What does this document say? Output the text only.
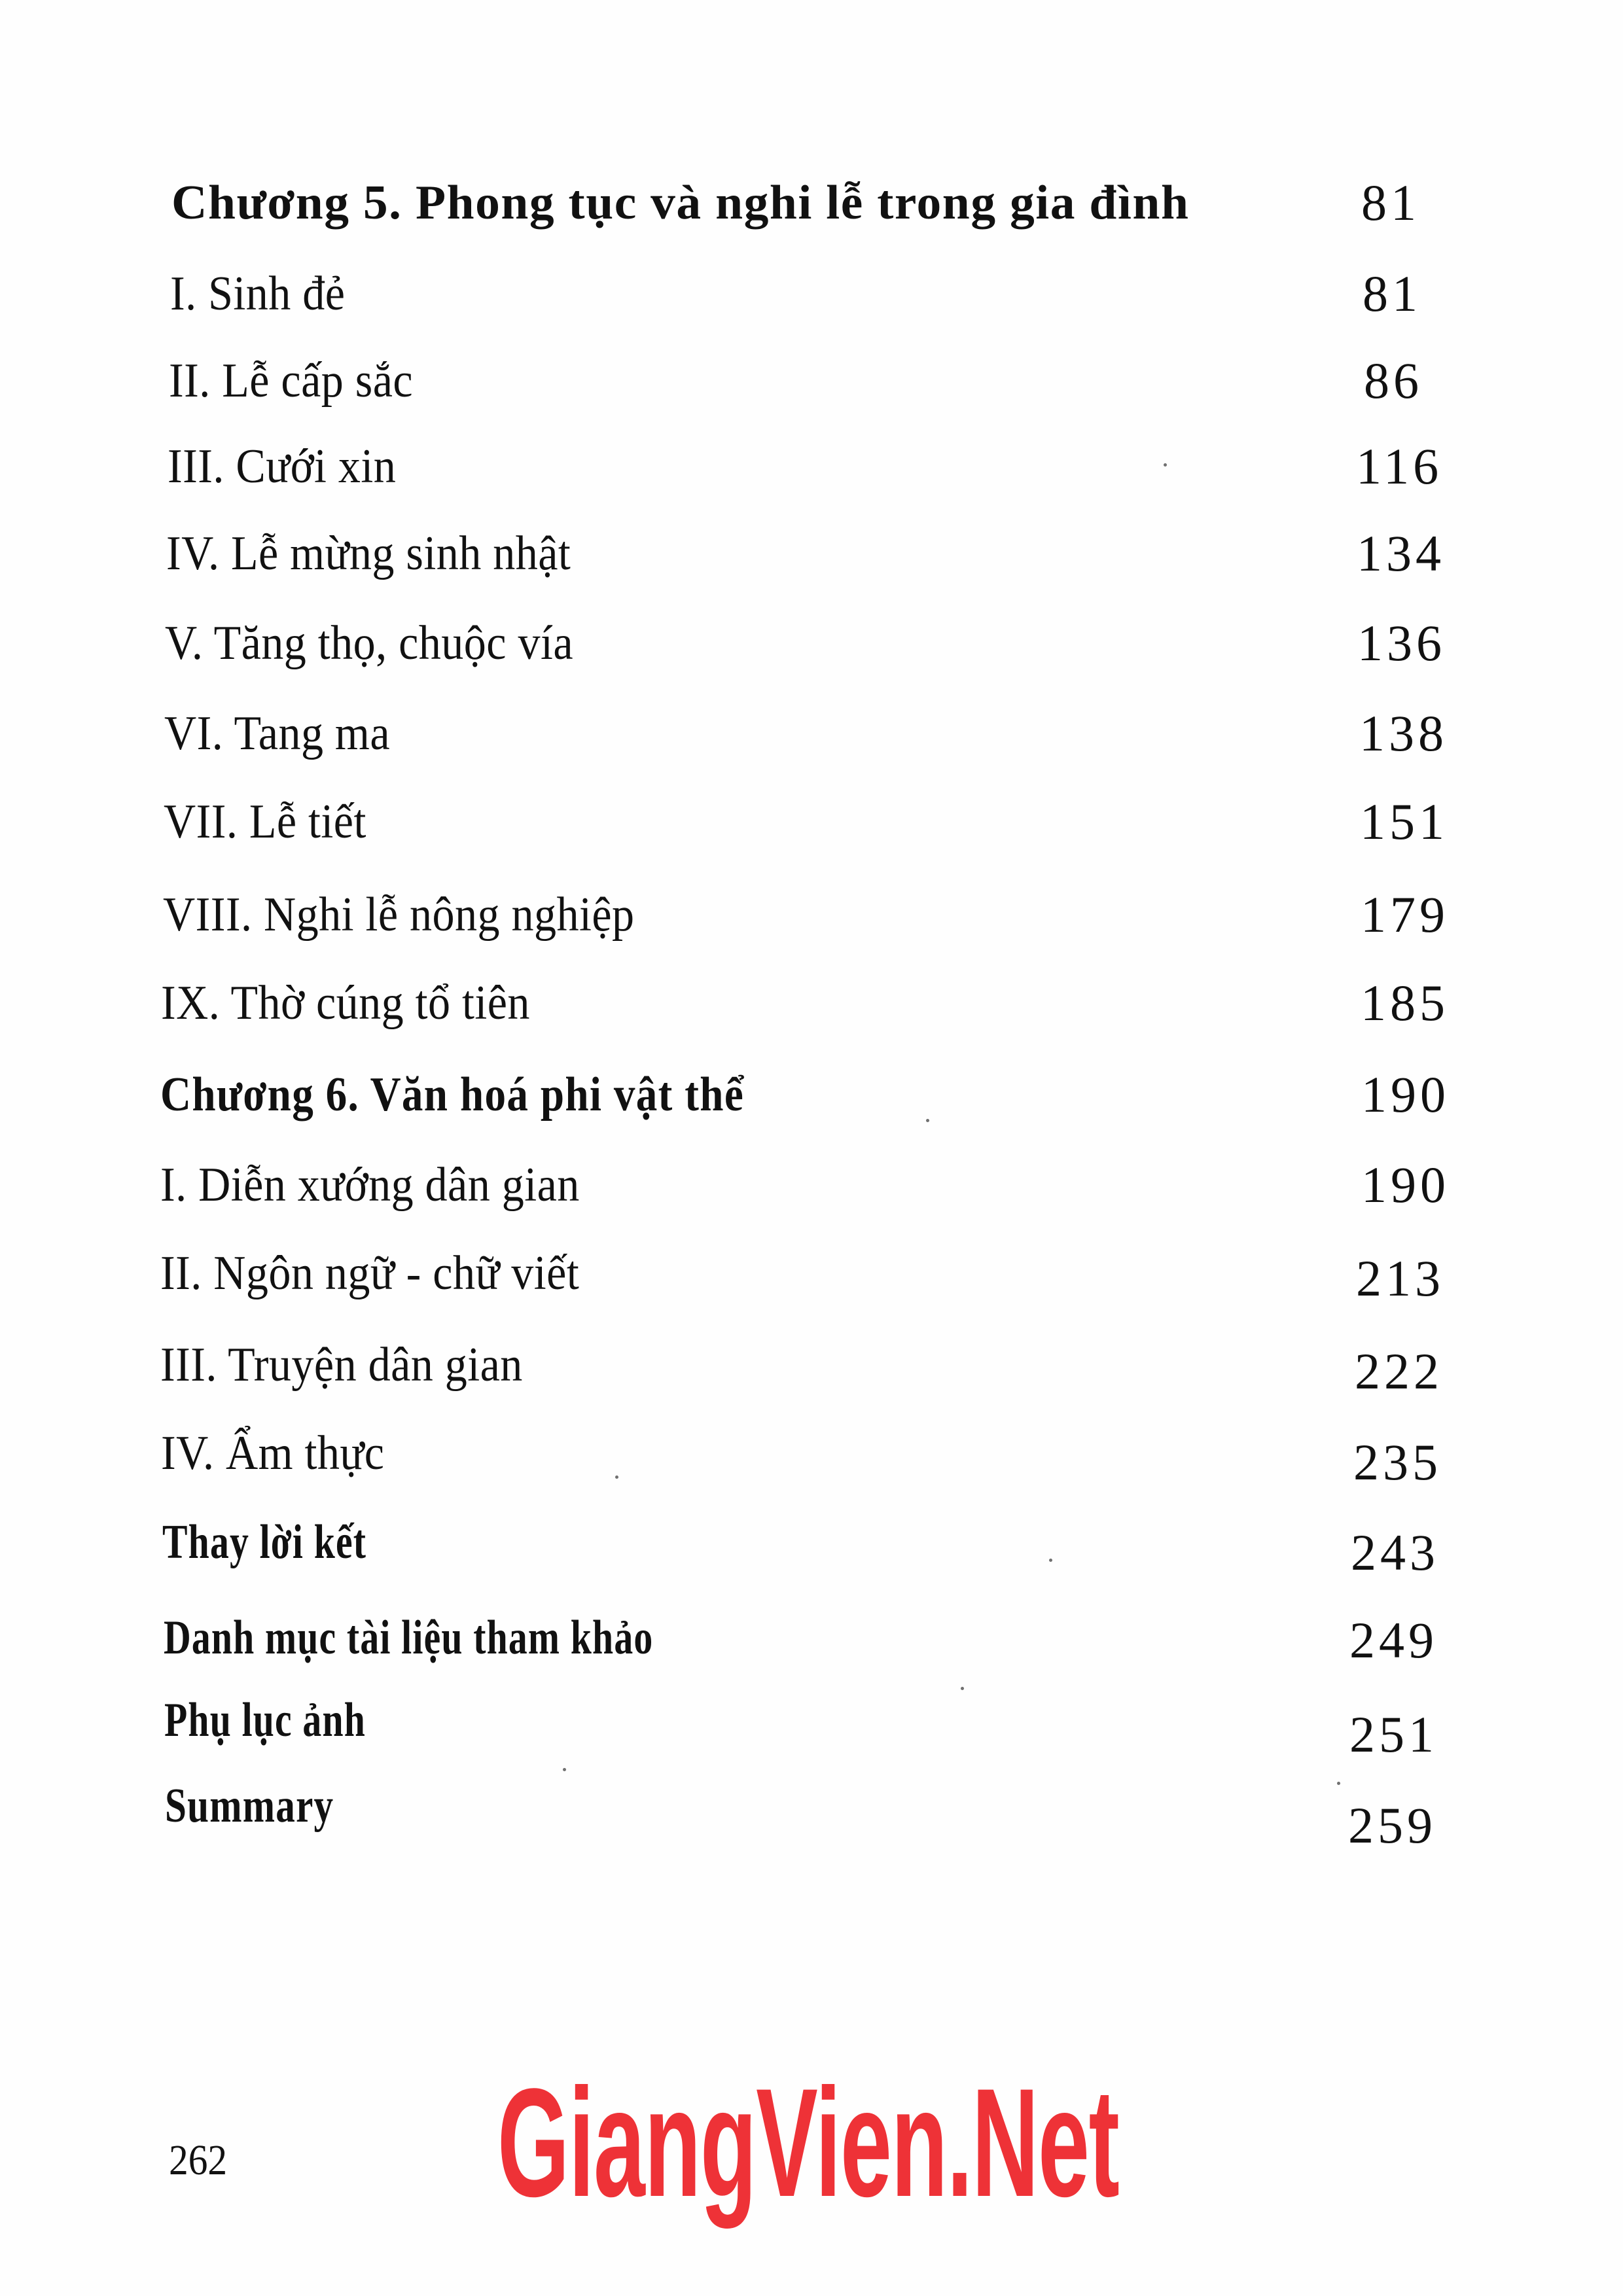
Chương 5. Phong tục và nghi lễ trong gia đình	81
I. Sinh đẻ	81
II. Lễ cấp sắc	86
III. Cưới xin	116
IV. Lễ mừng sinh nhật	134
V. Tăng thọ, chuộc vía	136
VI. Tang ma	138
VII. Lễ tiết	151
VIII. Nghi lễ nông nghiệp	179
IX. Thờ cúng tổ tiên	185
Chương 6. Văn hoá phi vật thể	190
I. Diễn xướng dân gian	190
II. Ngôn ngữ - chữ viết	213
III. Truyện dân gian	222
IV. Ẩm thực	235
Thay lời kết	243
Danh mục tài liệu tham khảo	249
Phụ lục ảnh	251
Summary	259
262 GiangVien.Net
